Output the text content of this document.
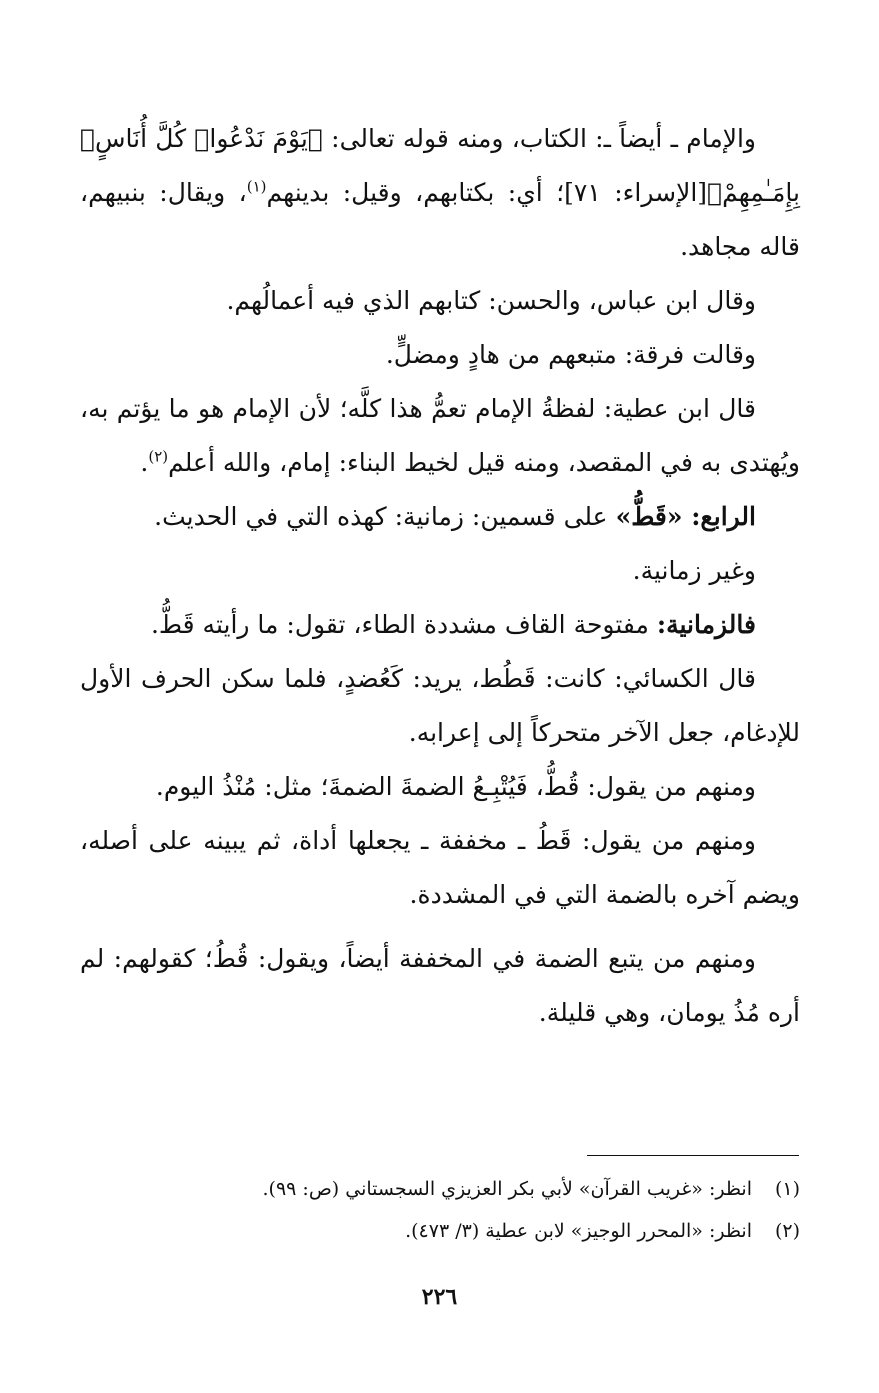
والإمام ـ أيضاً ـ: الكتاب، ومنه قوله تعالى: ﴿يَوْمَ نَدْعُوا۟ كُلَّ أُنَاسٍۭ بِإِمَـٰمِهِمْ﴾[الإسراء: ٧١]؛ أي: بكتابهم، وقيل: بدينهم$^{(١)}$، ويقال: بنبيهم، قاله مجاهد.

وقال ابن عباس، والحسن: كتابهم الذي فيه أعمالُهم.

وقالت فرقة: متبعهم من هادٍ ومضلٍّ.

قال ابن عطية: لفظةُ الإمام تعمُّ هذا كلَّه؛ لأن الإمام هو ما يؤتم به، ويُهتدى به في المقصد، ومنه قيل لخيط البناء: إمام، والله أعلم$^{(٢)}$.

الرابع: «قَطُّ» على قسمين: زمانية: كهذه التي في الحديث.

وغير زمانية.

فالزمانية: مفتوحة القاف مشددة الطاء، تقول: ما رأيته قَطُّ.

قال الكسائي: كانت: قَطُط، يريد: كَعُضدٍ، فلما سكن الحرف الأول للإدغام، جعل الآخر متحركاً إلى إعرابه.

ومنهم من يقول: قُطُّ، فَيُتْبِـعُ الضمةَ الضمةَ؛ مثل: مُنْذُ اليوم.

ومنهم من يقول: قَطُ ـ مخففة ـ يجعلها أداة، ثم يبينه على أصله، ويضم آخره بالضمة التي في المشددة.

ومنهم من يتبع الضمة في المخففة أيضاً، ويقول: قُطُ؛ كقولهم: لم أره مُذُ يومان، وهي قليلة.

(١)انظر: «غريب القرآن» لأبي بكر العزيزي السجستاني (ص: ٩٩).

(٢)انظر: «المحرر الوجيز» لابن عطية (٣/ ٤٧٣).

٢٢٦
